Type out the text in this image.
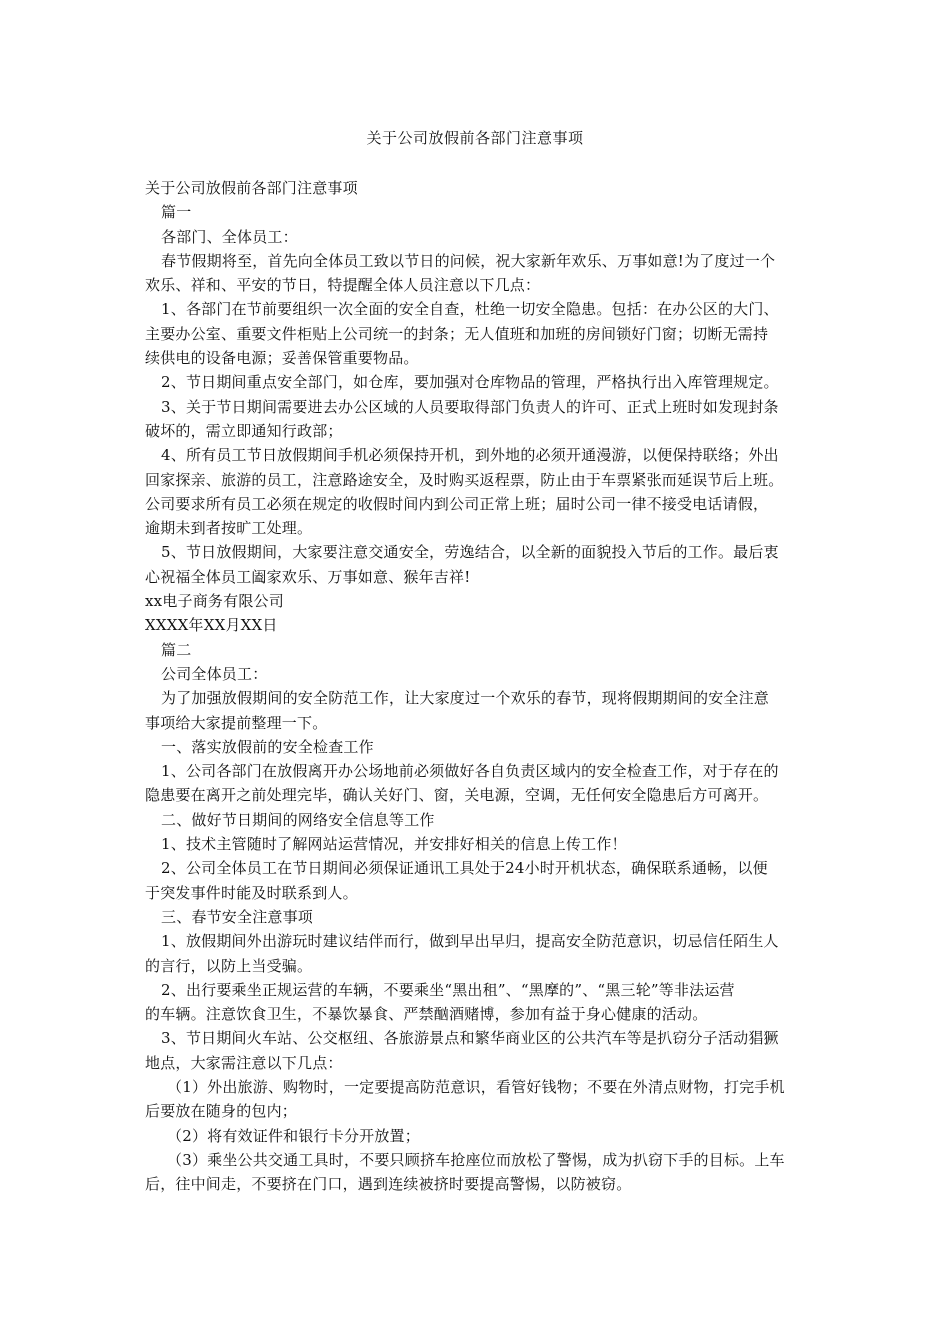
关于公司放假前各部门注意事项
关于公司放假前各部门注意事项
篇一
各部门、全体员工：
春节假期将至，首先向全体员工致以节日的问候，祝大家新年欢乐、万事如意!为了度过一个
欢乐、祥和、平安的节日，特提醒全体人员注意以下几点：
1、各部门在节前要组织一次全面的安全自查，杜绝一切安全隐患。包括：在办公区的大门、
主要办公室、重要文件柜贴上公司统一的封条；无人值班和加班的房间锁好门窗；切断无需持
续供电的设备电源；妥善保管重要物品。
2、节日期间重点安全部门，如仓库，要加强对仓库物品的管理，严格执行出入库管理规定。
3、关于节日期间需要进去办公区域的人员要取得部门负责人的许可、正式上班时如发现封条
破坏的，需立即通知行政部；
4、所有员工节日放假期间手机必须保持开机，到外地的必须开通漫游，以便保持联络；外出
回家探亲、旅游的员工，注意路途安全，及时购买返程票，防止由于车票紧张而延误节后上班。
公司要求所有员工必须在规定的收假时间内到公司正常上班；届时公司一律不接受电话请假，
逾期未到者按旷工处理。
5、节日放假期间，大家要注意交通安全，劳逸结合，以全新的面貌投入节后的工作。最后衷
心祝福全体员工阖家欢乐、万事如意、猴年吉祥!
xx电子商务有限公司
XXXX年XX月XX日
篇二
公司全体员工：
为了加强放假期间的安全防范工作，让大家度过一个欢乐的春节，现将假期期间的安全注意
事项给大家提前整理一下。
一、落实放假前的安全检查工作
1、公司各部门在放假离开办公场地前必须做好各自负责区域内的安全检查工作，对于存在的
隐患要在离开之前处理完毕，确认关好门、窗，关电源，空调，无任何安全隐患后方可离开。
二、做好节日期间的网络安全信息等工作
1、技术主管随时了解网站运营情况，并安排好相关的信息上传工作！
2、公司全体员工在节日期间必须保证通讯工具处于24小时开机状态，确保联系通畅，以便
于突发事件时能及时联系到人。
三、春节安全注意事项
1、放假期间外出游玩时建议结伴而行，做到早出早归，提高安全防范意识，切忌信任陌生人
的言行，以防上当受骗。
2、出行要乘坐正规运营的车辆，不要乘坐“黑出租”、“黑摩的”、“黑三轮”等非法运营
的车辆。注意饮食卫生，不暴饮暴食、严禁酗酒赌博，参加有益于身心健康的活动。
3、节日期间火车站、公交枢纽、各旅游景点和繁华商业区的公共汽车等是扒窃分子活动猖獗
地点，大家需注意以下几点：
（1）外出旅游、购物时，一定要提高防范意识，看管好钱物；不要在外清点财物，打完手机
后要放在随身的包内；
（2）将有效证件和银行卡分开放置；
（3）乘坐公共交通工具时，不要只顾挤车抢座位而放松了警惕，成为扒窃下手的目标。上车
后，往中间走，不要挤在门口，遇到连续被挤时要提高警惕，以防被窃。
